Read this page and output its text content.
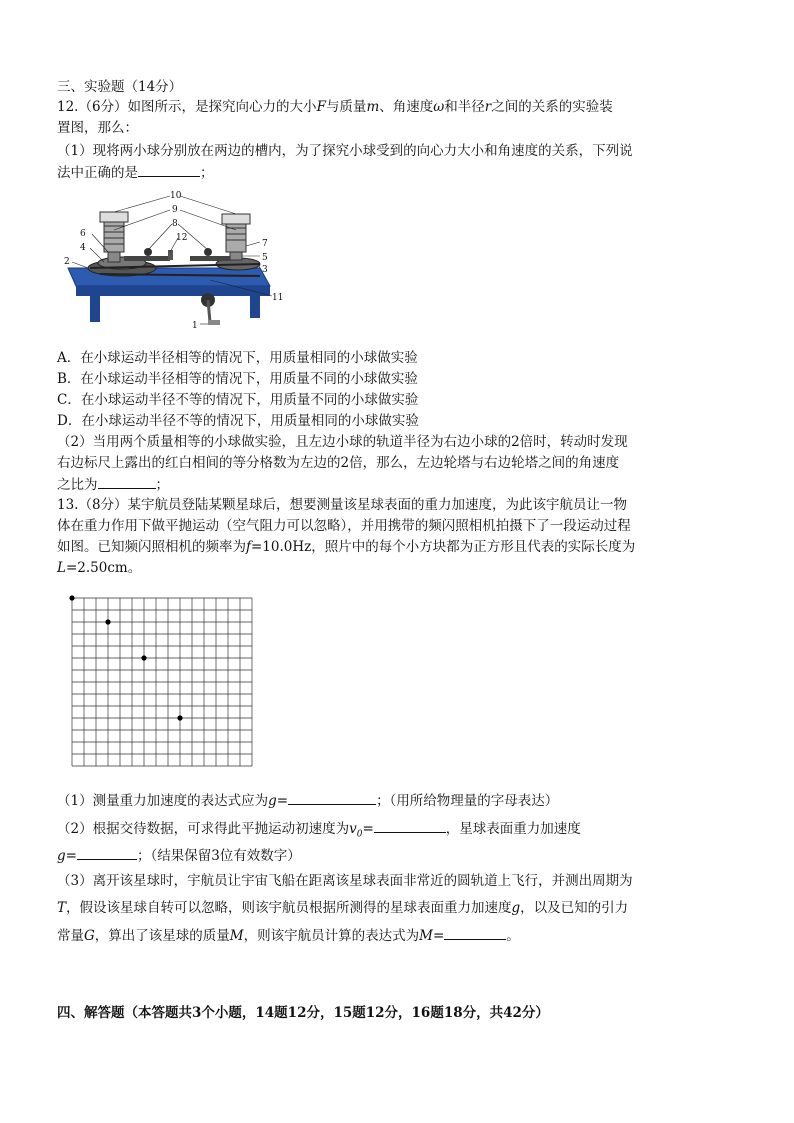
三、实验题（14分）
12.（6分）如图所示，是探究向心力的大小F与质量m、角速度ω和半径r之间的关系的实验装
置图，那么：
（1）现将两小球分别放在两边的槽内，为了探究小球受到的向心力大小和角速度的关系，下列说
法中正确的是	；
10
9
8
12
6
4
2
7
5
3
11
1
A．在小球运动半径相等的情况下，用质量相同的小球做实验
B．在小球运动半径相等的情况下，用质量不同的小球做实验
C．在小球运动半径不等的情况下，用质量不同的小球做实验
D．在小球运动半径不等的情况下，用质量相同的小球做实验
（2）当用两个质量相等的小球做实验，且左边小球的轨道半径为右边小球的2倍时，转动时发现
右边标尺上露出的红白相间的等分格数为左边的2倍，那么，左边轮塔与右边轮塔之间的角速度
之比为	；
13.（8分）某宇航员登陆某颗星球后，想要测量该星球表面的重力加速度，为此该宇航员让一物
体在重力作用下做平抛运动（空气阻力可以忽略），并用携带的频闪照相机拍摄下了一段运动过程
如图。已知频闪照相机的频率为f=10.0Hz，照片中的每个小方块都为正方形且代表的实际长度为
L=2.50cm。
（1）测量重力加速度的表达式应为g=	；（用所给物理量的字母表达）
（2）根据交待数据，可求得此平抛运动初速度为$v_0=$	，星球表面重力加速度
g=	；（结果保留3位有效数字）
（3）离开该星球时，宇航员让宇宙飞船在距离该星球表面非常近的圆轨道上飞行，并测出周期为
T，假设该星球自转可以忽略，则该宇航员根据所测得的星球表面重力加速度g，以及已知的引力
常量G，算出了该星球的质量M，则该宇航员计算的表达式为M=	。
四、解答题（本答题共3个小题，14题12分，15题12分，16题18分，共42分）
